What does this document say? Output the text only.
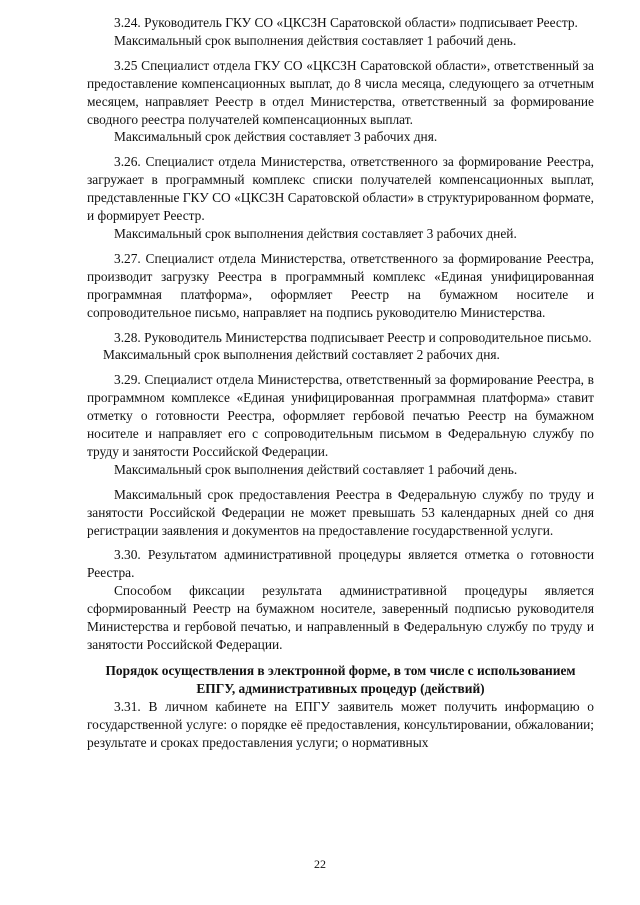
3.24. Руководитель ГКУ СО «ЦКСЗН Саратовской области» подписывает Реестр.

Максимальный срок выполнения действия составляет 1 рабочий день.

3.25 Специалист отдела ГКУ СО «ЦКСЗН Саратовской области», ответственный за предоставление компенсационных выплат, до 8 числа месяца, следующего за отчетным месяцем, направляет Реестр в отдел Министерства, ответственный за формирование сводного реестра получателей компенсационных выплат.

Максимальный срок действия составляет 3 рабочих дня.

3.26. Специалист отдела Министерства, ответственного за формирование Реестра, загружает в программный комплекс списки получателей компенсационных выплат, представленные ГКУ СО «ЦКСЗН Саратовской области» в структурированном формате, и формирует Реестр.

Максимальный срок выполнения действия составляет 3 рабочих дней.

3.27. Специалист отдела Министерства, ответственного за формирование Реестра, производит загрузку Реестра в программный комплекс «Единая унифицированная программная платформа», оформляет Реестр на бумажном носителе и сопроводительное письмо, направляет на подпись руководителю Министерства.

3.28. Руководитель Министерства подписывает Реестр и сопроводительное письмо.

Максимальный срок выполнения действий составляет 2 рабочих дня.

3.29. Специалист отдела Министерства, ответственный за формирование Реестра, в программном комплексе «Единая унифицированная программная платформа» ставит отметку о готовности Реестра, оформляет гербовой печатью Реестр на бумажном носителе и направляет его с сопроводительным письмом в Федеральную службу по труду и занятости Российской Федерации.

Максимальный срок выполнения действий составляет 1 рабочий день.

Максимальный срок предоставления Реестра в Федеральную службу по труду и занятости Российской Федерации не может превышать 53 календарных дней со дня регистрации заявления и документов на предоставление государственной услуги.

3.30. Результатом административной процедуры является отметка о готовности Реестра.

Способом фиксации результата административной процедуры является сформированный Реестр на бумажном носителе, заверенный подписью руководителя Министерства и гербовой печатью, и направленный в Федеральную службу по труду и занятости Российской Федерации.

Порядок осуществления в электронной форме, в том числе с использованием ЕПГУ, административных процедур (действий)

3.31. В личном кабинете на ЕПГУ заявитель может получить информацию о государственной услуге: о порядке её предоставления, консультировании, обжаловании; результате и сроках предоставления услуги; о нормативных

22
